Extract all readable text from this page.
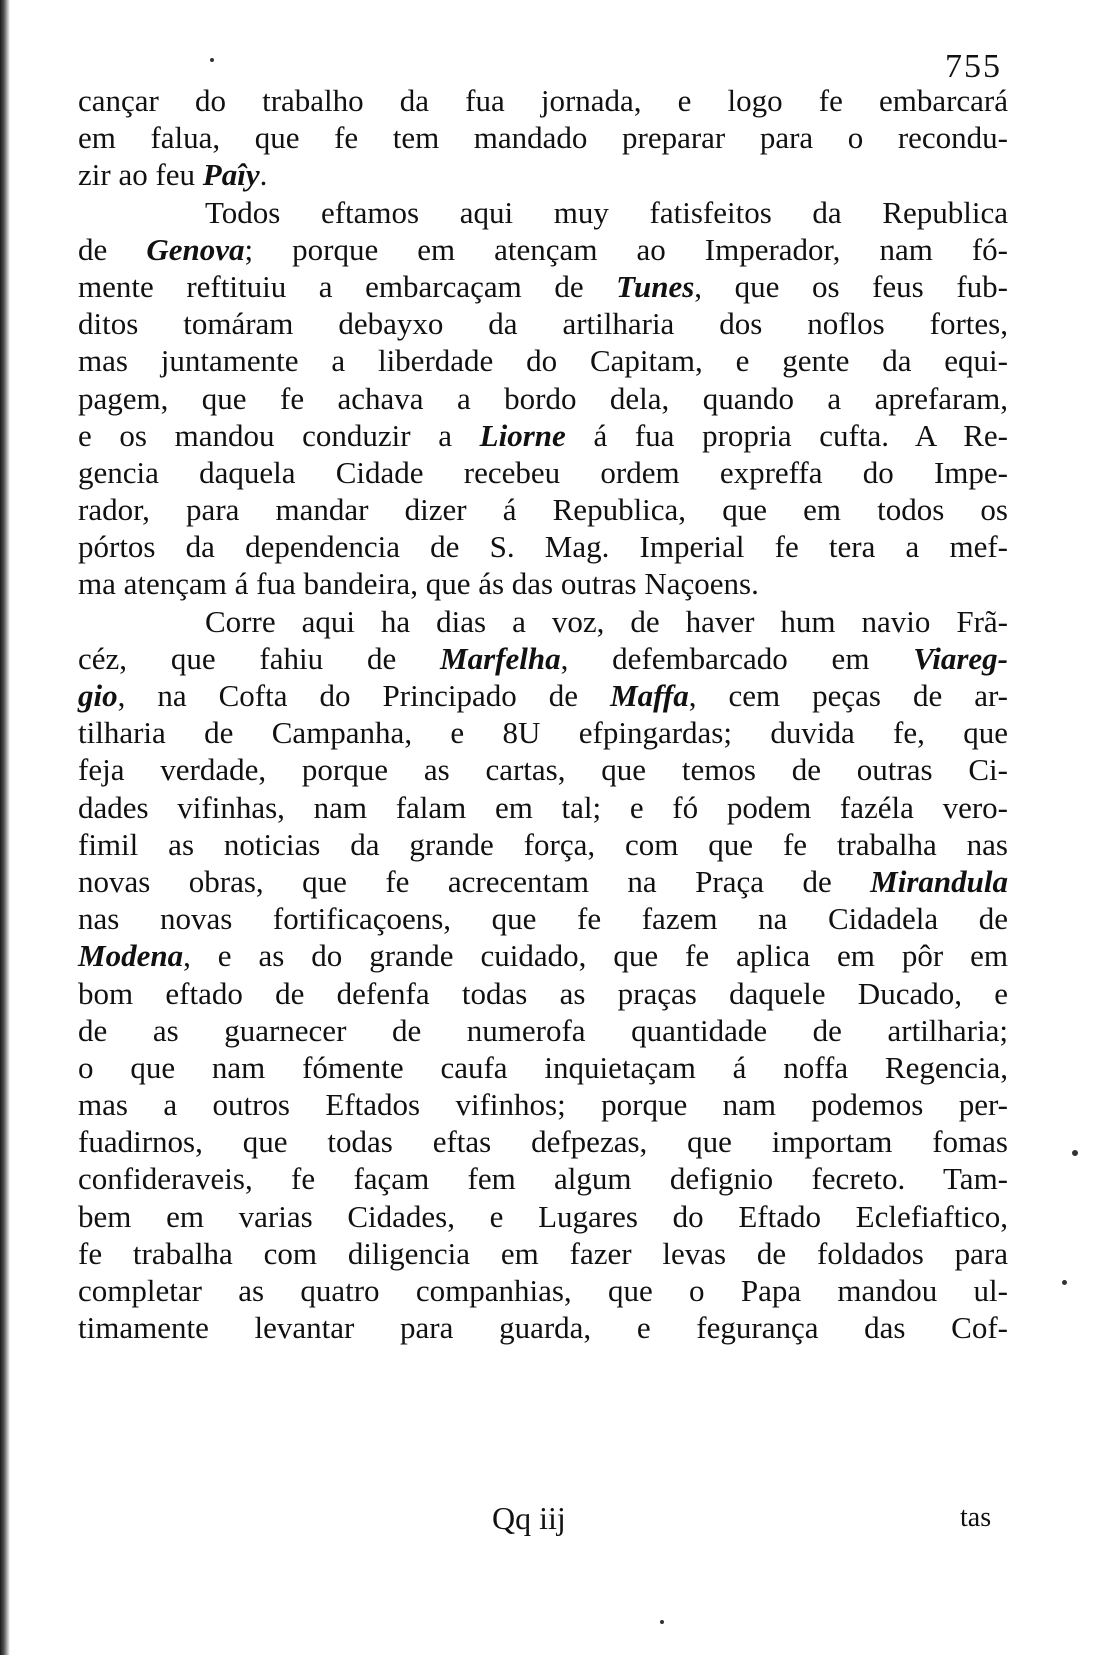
755
cançar do trabalho da fua jornada, e logo fe embarcará
em falua, que fe tem mandado preparar para o recondu-
zir ao feu Paîy.
Todos eftamos aqui muy fatisfeitos da Republica
de Genova; porque em atençam ao Imperador, nam fó-
mente reftituiu a embarcaçam de Tunes, que os feus fub-
ditos tomáram debayxo da artilharia dos noflos fortes,
mas juntamente a liberdade do Capitam, e gente da equi-
pagem, que fe achava a bordo dela, quando a aprefaram,
e os mandou conduzir a Liorne á fua propria cufta. A Re-
gencia daquela Cidade recebeu ordem expreffa do Impe-
rador, para mandar dizer á Republica, que em todos os
pórtos da dependencia de S. Mag. Imperial fe tera a mef-
ma atençam á fua bandeira, que ás das outras Naçoens.
Corre aqui ha dias a voz, de haver hum navio Frã-
céz, que fahiu de Marfelha, defembarcado em Viareg-
gio, na Cofta do Principado de Maffa, cem peças de ar-
tilharia de Campanha, e 8U efpingardas; duvida fe, que
feja verdade, porque as cartas, que temos de outras Ci-
dades vifinhas, nam falam em tal; e fó podem fazéla vero-
fimil as noticias da grande força, com que fe trabalha nas
novas obras, que fe acrecentam na Praça de Mirandula
nas novas fortificaçoens, que fe fazem na Cidadela de
Modena, e as do grande cuidado, que fe aplica em pôr em
bom eftado de defenfa todas as praças daquele Ducado, e
de as guarnecer de numerofa quantidade de artilharia;
o que nam fómente caufa inquietaçam á noffa Regencia,
mas a outros Eftados vifinhos; porque nam podemos per-
fuadirnos, que todas eftas defpezas, que importam fomas
confideraveis, fe façam fem algum defignio fecreto. Tam-
bem em varias Cidades, e Lugares do Eftado Eclefiaftico,
fe trabalha com diligencia em fazer levas de foldados para
completar as quatro companhias, que o Papa mandou ul-
timamente levantar para guarda, e fegurança das Cof-
Qq iij	tas
